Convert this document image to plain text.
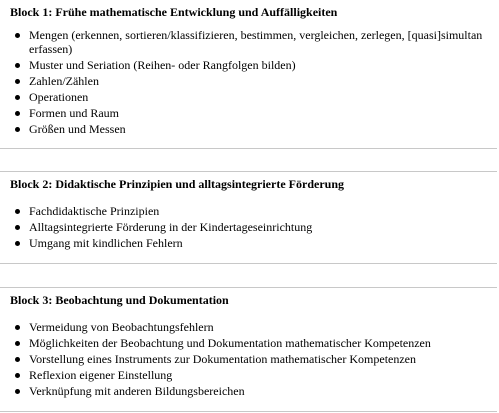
Block 1: Frühe mathematische Entwicklung und Auffälligkeiten
Mengen (erkennen, sortieren/klassifizieren, bestimmen, vergleichen, zerlegen, [quasi]simultan erfassen)
Muster und Seriation (Reihen- oder Rangfolgen bilden)
Zahlen/Zählen
Operationen
Formen und Raum
Größen und Messen
Block 2: Didaktische Prinzipien und alltagsintegrierte Förderung
Fachdidaktische Prinzipien
Alltagsintegrierte Förderung in der Kindertageseinrichtung
Umgang mit kindlichen Fehlern
Block 3: Beobachtung und Dokumentation
Vermeidung von Beobachtungsfehlern
Möglichkeiten der Beobachtung und Dokumentation mathematischer Kompetenzen
Vorstellung eines Instruments zur Dokumentation mathematischer Kompetenzen
Reflexion eigener Einstellung
Verknüpfung mit anderen Bildungsbereichen
